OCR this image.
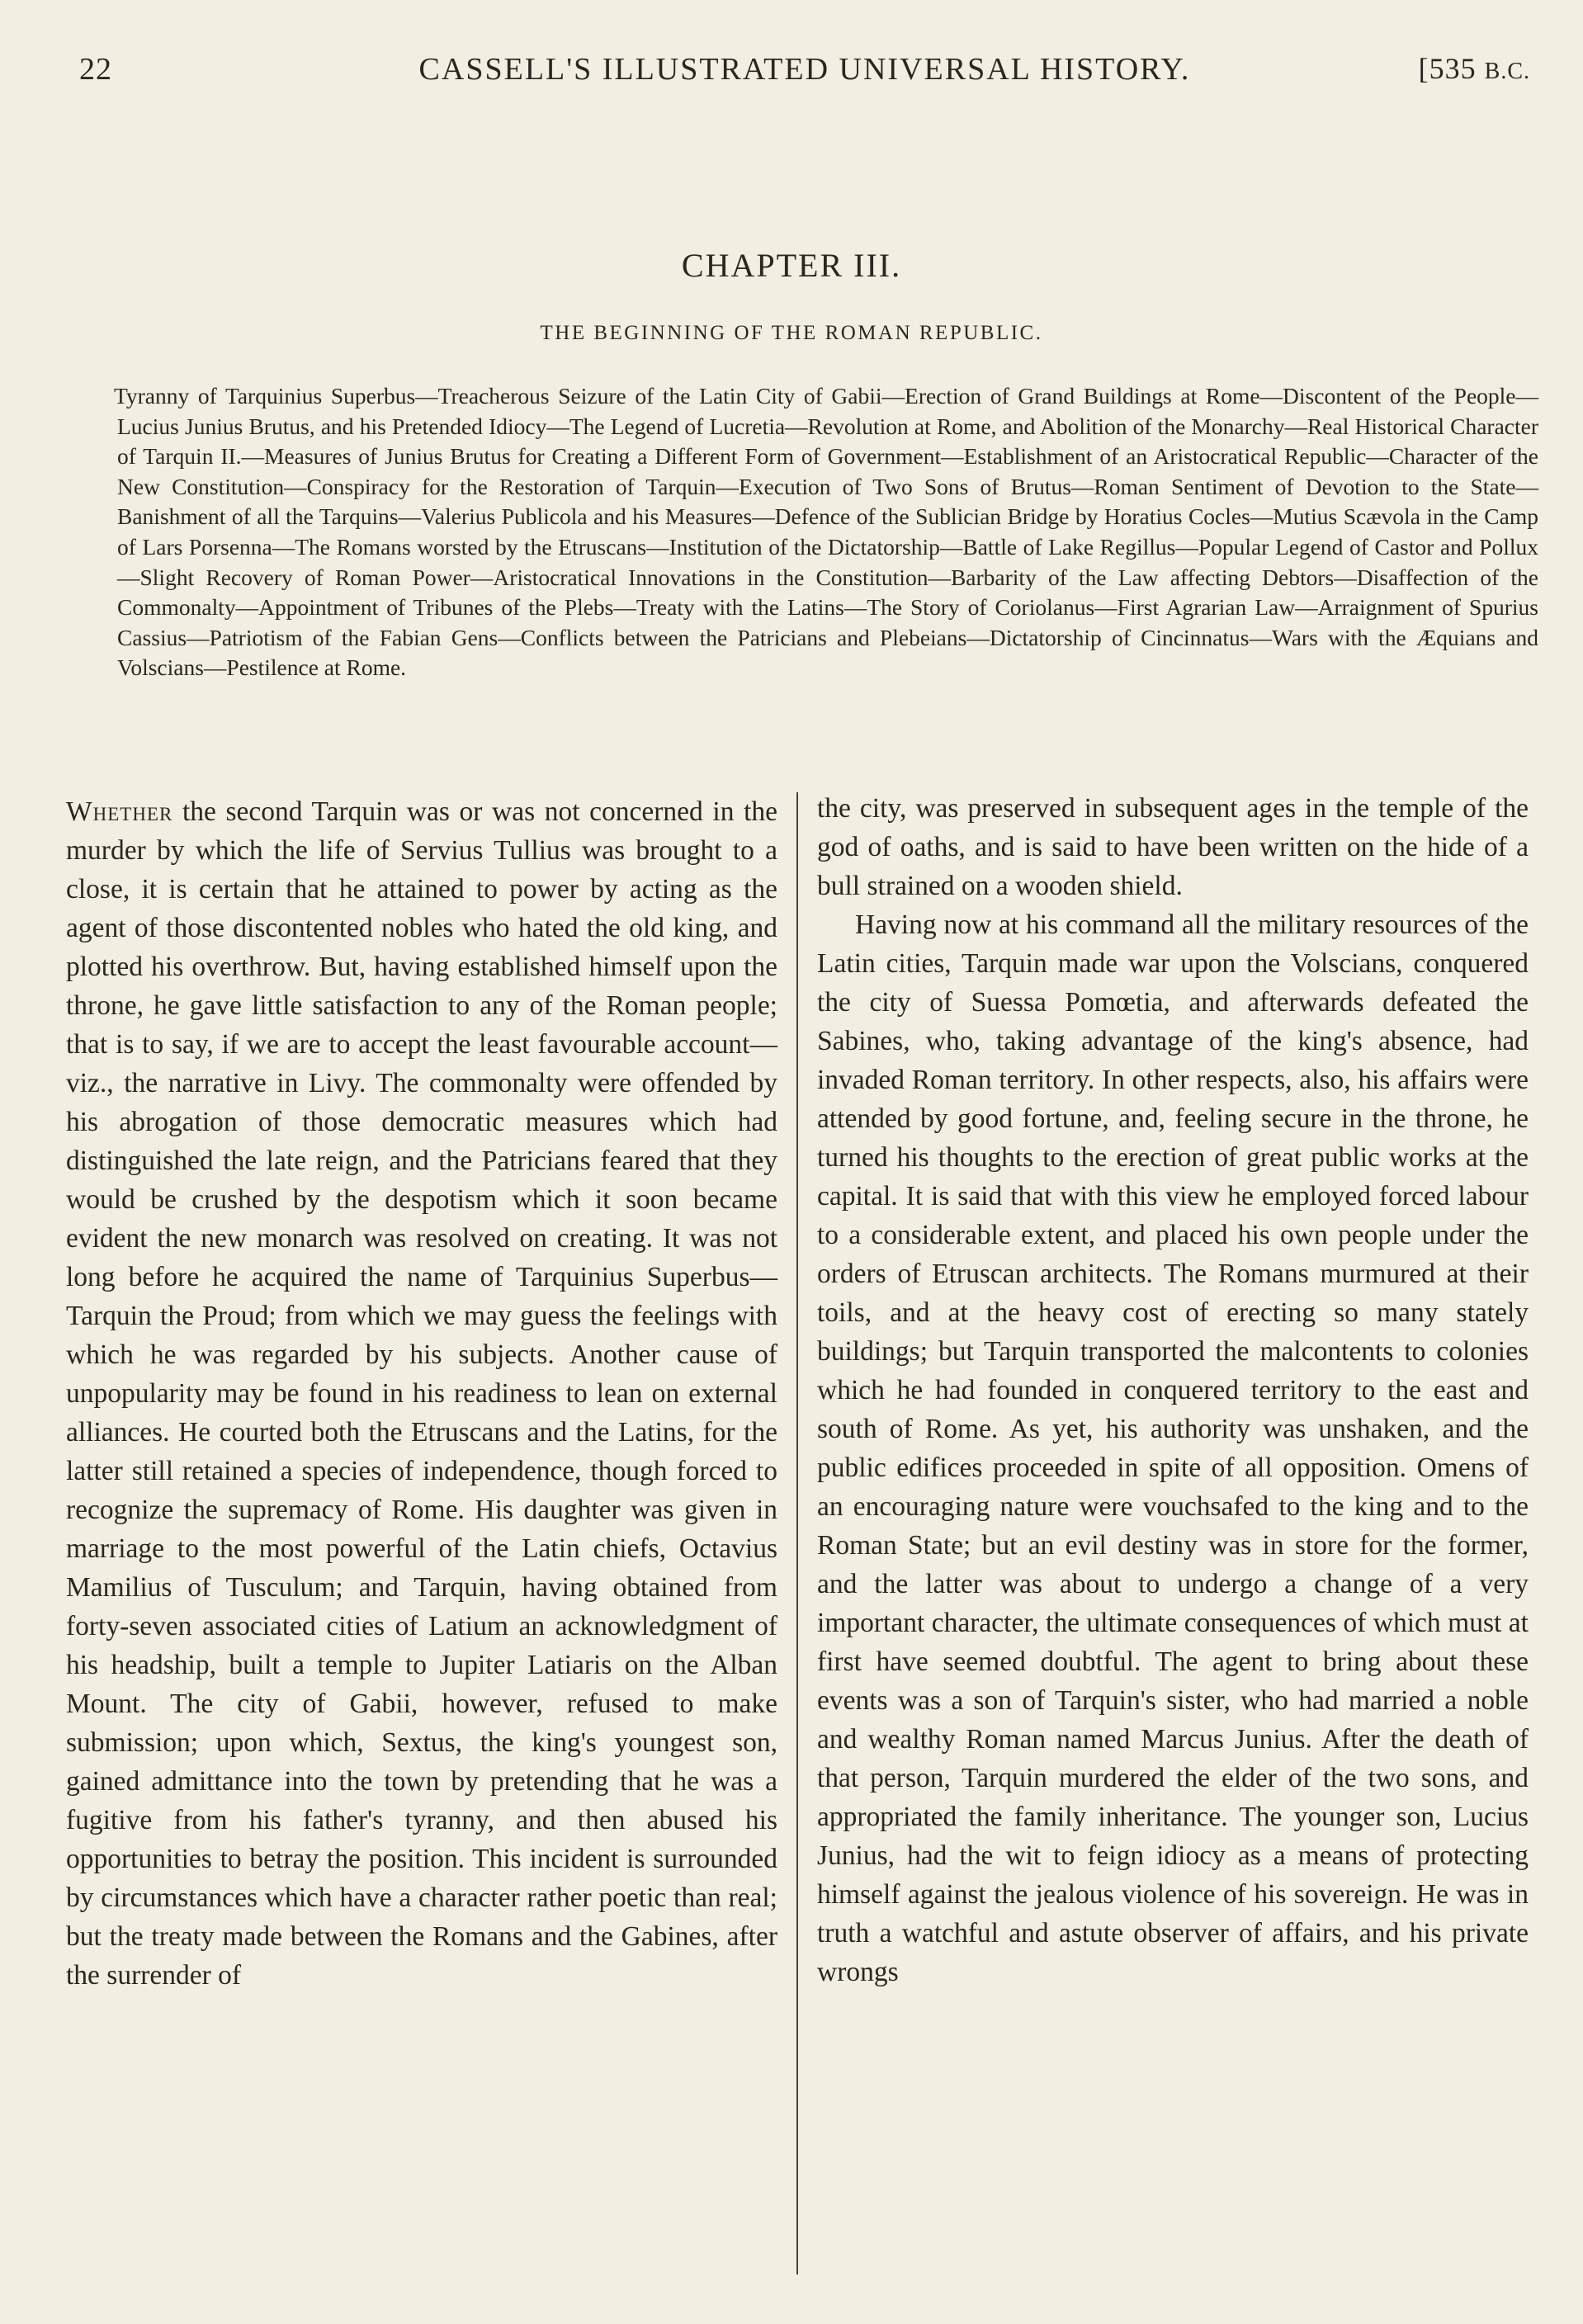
22	CASSELL'S ILLUSTRATED UNIVERSAL HISTORY.	[535 B.C.
CHAPTER III.
THE BEGINNING OF THE ROMAN REPUBLIC.

Tyranny of Tarquinius Superbus—Treacherous Seizure of the Latin City of Gabii—Erection of Grand Buildings at Rome—Discontent of the People—Lucius Junius Brutus, and his Pretended Idiocy—The Legend of Lucretia—Revolution at Rome, and Abolition of the Monarchy—Real Historical Character of Tarquin II.—Measures of Junius Brutus for Creating a Different Form of Government—Establishment of an Aristocratical Republic—Character of the New Constitution—Conspiracy for the Restoration of Tarquin—Execution of Two Sons of Brutus—Roman Sentiment of Devotion to the State—Banishment of all the Tarquins—Valerius Publicola and his Measures—Defence of the Sublician Bridge by Horatius Cocles—Mutius Scævola in the Camp of Lars Porsenna—The Romans worsted by the Etruscans—Institution of the Dictatorship—Battle of Lake Regillus—Popular Legend of Castor and Pollux—Slight Recovery of Roman Power—Aristocratical Innovations in the Constitution—Barbarity of the Law affecting Debtors—Disaffection of the Commonalty—Appointment of Tribunes of the Plebs—Treaty with the Latins—The Story of Coriolanus—First Agrarian Law—Arraignment of Spurius Cassius—Patriotism of the Fabian Gens—Conflicts between the Patricians and Plebeians—Dictatorship of Cincinnatus—Wars with the Æquians and Volscians—Pestilence at Rome.

Whether the second Tarquin was or was not concerned in the murder by which the life of Servius Tullius was brought to a close, it is certain that he attained to power by acting as the agent of those discontented nobles who hated the old king, and plotted his overthrow. But, having established himself upon the throne, he gave little satisfaction to any of the Roman people; that is to say, if we are to accept the least favourable account—viz., the narrative in Livy. The commonalty were offended by his abrogation of those democratic measures which had distinguished the late reign, and the Patricians feared that they would be crushed by the despotism which it soon became evident the new monarch was resolved on creating. It was not long before he acquired the name of Tarquinius Superbus—Tarquin the Proud; from which we may guess the feelings with which he was regarded by his subjects. Another cause of unpopularity may be found in his readiness to lean on external alliances. He courted both the Etruscans and the Latins, for the latter still retained a species of independence, though forced to recognize the supremacy of Rome. His daughter was given in marriage to the most powerful of the Latin chiefs, Octavius Mamilius of Tusculum; and Tarquin, having obtained from forty-seven associated cities of Latium an acknowledgment of his headship, built a temple to Jupiter Latiaris on the Alban Mount. The city of Gabii, however, refused to make submission; upon which, Sextus, the king's youngest son, gained admittance into the town by pretending that he was a fugitive from his father's tyranny, and then abused his opportunities to betray the position. This incident is surrounded by circumstances which have a character rather poetic than real; but the treaty made between the Romans and the Gabines, after the surrender of

the city, was preserved in subsequent ages in the temple of the god of oaths, and is said to have been written on the hide of a bull strained on a wooden shield.

Having now at his command all the military resources of the Latin cities, Tarquin made war upon the Volscians, conquered the city of Suessa Pomœtia, and afterwards defeated the Sabines, who, taking advantage of the king's absence, had invaded Roman territory. In other respects, also, his affairs were attended by good fortune, and, feeling secure in the throne, he turned his thoughts to the erection of great public works at the capital. It is said that with this view he employed forced labour to a considerable extent, and placed his own people under the orders of Etruscan architects. The Romans murmured at their toils, and at the heavy cost of erecting so many stately buildings; but Tarquin transported the malcontents to colonies which he had founded in conquered territory to the east and south of Rome. As yet, his authority was unshaken, and the public edifices proceeded in spite of all opposition. Omens of an encouraging nature were vouchsafed to the king and to the Roman State; but an evil destiny was in store for the former, and the latter was about to undergo a change of a very important character, the ultimate consequences of which must at first have seemed doubtful. The agent to bring about these events was a son of Tarquin's sister, who had married a noble and wealthy Roman named Marcus Junius. After the death of that person, Tarquin murdered the elder of the two sons, and appropriated the family inheritance. The younger son, Lucius Junius, had the wit to feign idiocy as a means of protecting himself against the jealous violence of his sovereign. He was in truth a watchful and astute observer of affairs, and his private wrongs
